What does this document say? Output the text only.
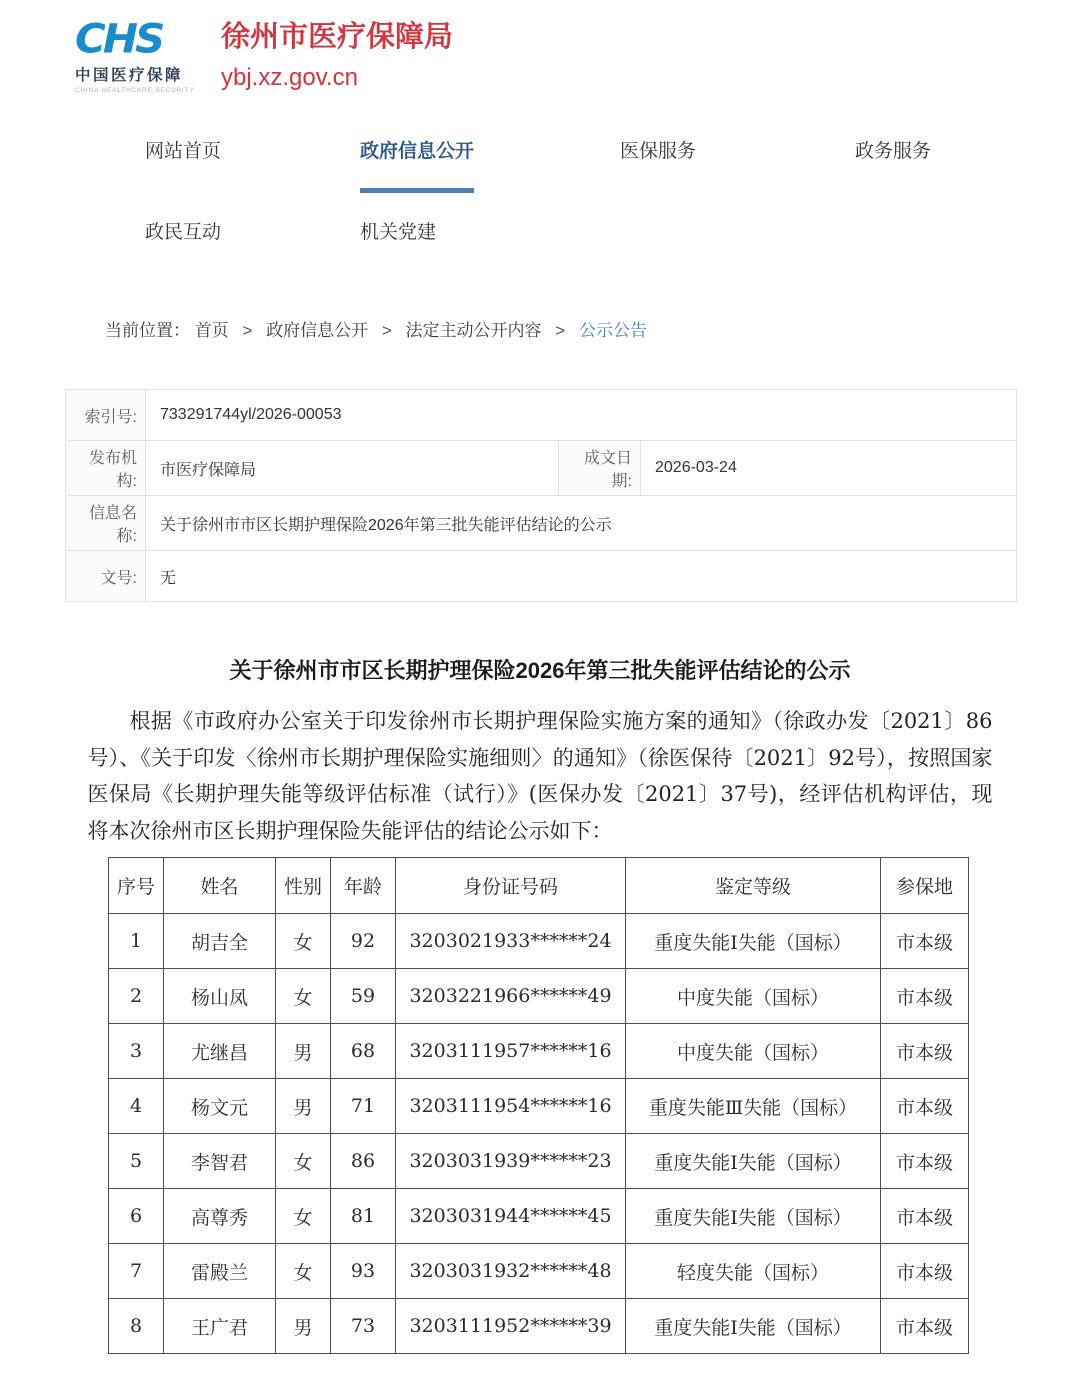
CHS
中国医疗保障
CHINA HEALTHCARE SECURITY
徐州市医疗保障局
ybj.xz.gov.cn
网站首页	政府信息公开	医保服务	政务服务
政民互动	机关党建
当前位置： 首页 > 政府信息公开 > 法定主动公开内容 > 公示公告
索引号:	733291744yl/2026-00053		
发布机构:	市医疗保障局	成文日期:	2026-03-24
信息名称:	关于徐州市市区长期护理保险2026年第三批失能评估结论的公示		
文号:	无		
关于徐州市市区长期护理保险2026年第三批失能评估结论的公示
根据《市政府办公室关于印发徐州市长期护理保险实施方案的通知》（徐政办发〔2021〕86号）、《关于印发〈徐州市长期护理保险实施细则〉的通知》（徐医保待〔2021〕92号），按照国家医保局《长期护理失能等级评估标准（试行）》(医保办发〔2021〕37号)，经评估机构评估，现将本次徐州市区长期护理保险失能评估的结论公示如下：
序号	姓名	性别	年龄	身份证号码	鉴定等级	参保地
1	胡吉全	女	92	3203021933******24	重度失能Ⅰ失能（国标）	市本级
2	杨山凤	女	59	3203221966******49	中度失能（国标）	市本级
3	尤继昌	男	68	3203111957******16	中度失能（国标）	市本级
4	杨文元	男	71	3203111954******16	重度失能Ⅲ失能（国标）	市本级
5	李智君	女	86	3203031939******23	重度失能Ⅰ失能（国标）	市本级
6	高尊秀	女	81	3203031944******45	重度失能Ⅰ失能（国标）	市本级
7	雷殿兰	女	93	3203031932******48	轻度失能（国标）	市本级
8	王广君	男	73	3203111952******39	重度失能Ⅰ失能（国标）	市本级
